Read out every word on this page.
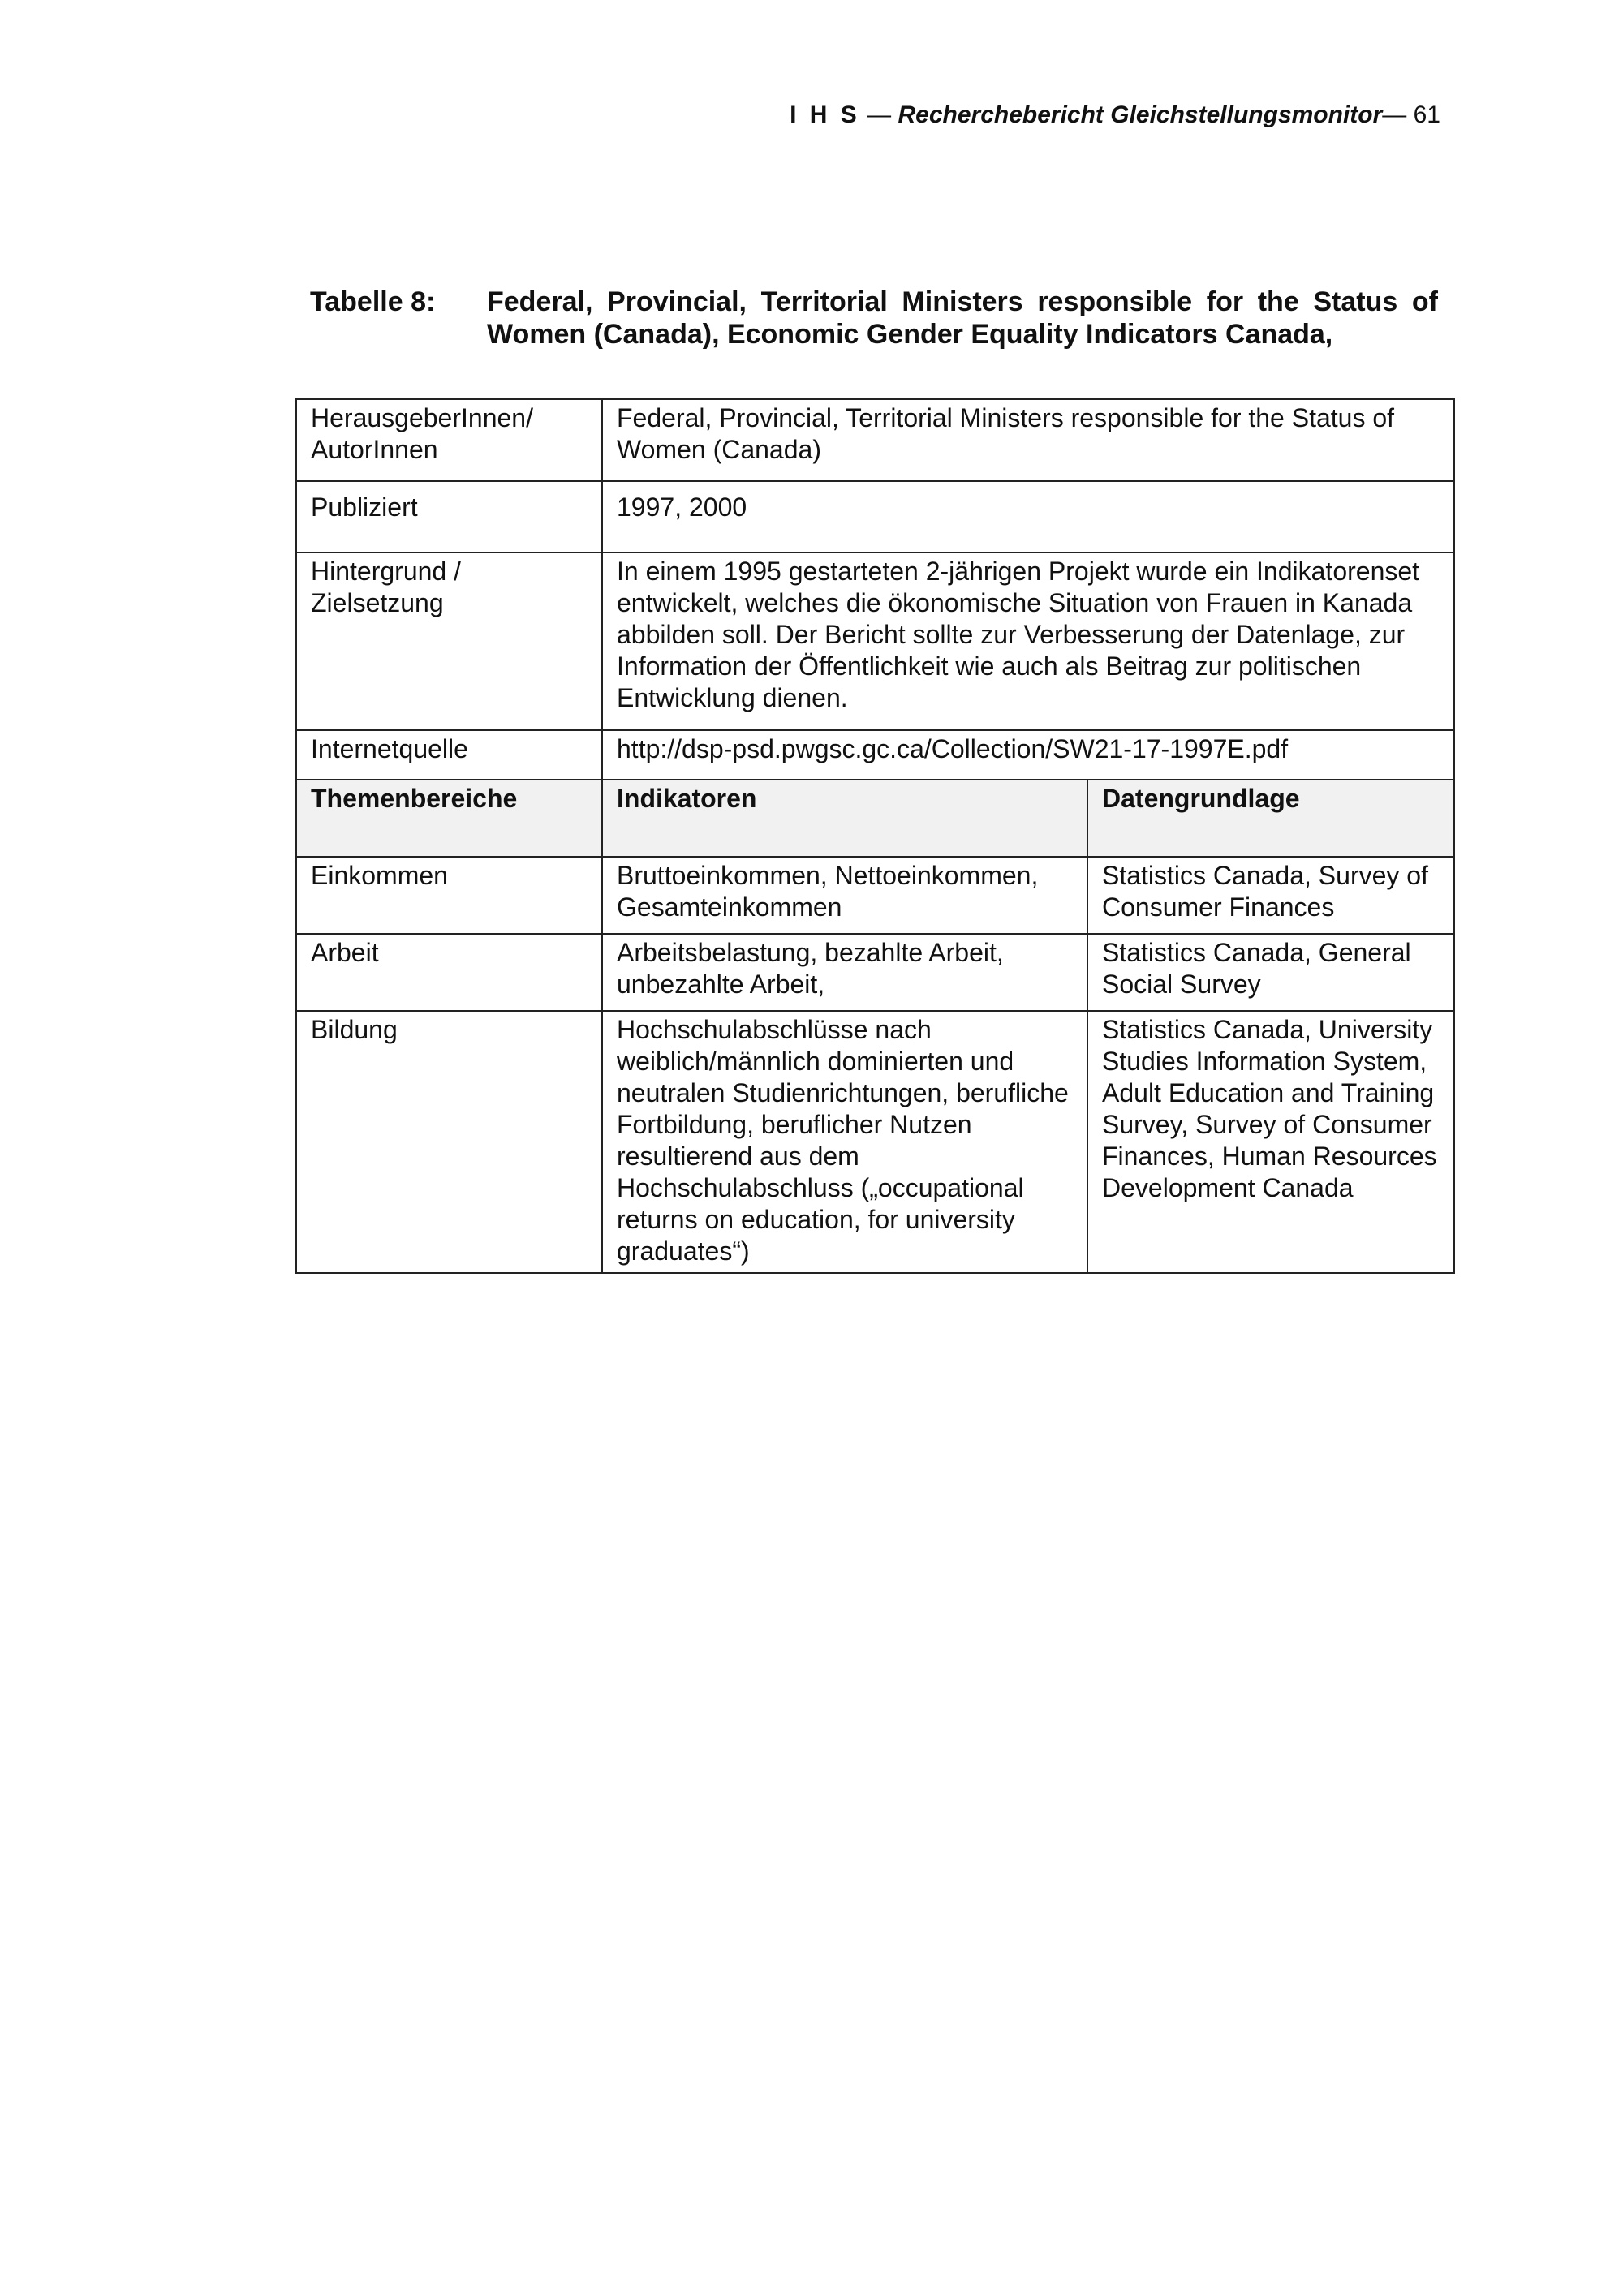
I H S — Recherchebericht Gleichstellungsmonitor— 61
Tabelle 8:	Federal, Provincial, Territorial Ministers responsible for the Status of Women (Canada), Economic Gender Equality Indicators Canada,
HerausgeberInnen/ AutorInnen	Federal, Provincial, Territorial Ministers responsible for the Status of Women (Canada)	
Publiziert	1997, 2000	
Hintergrund / Zielsetzung	In einem 1995 gestarteten 2-jährigen Projekt wurde ein Indikatorenset entwickelt, welches die ökonomische Situation von Frauen in Kanada abbilden soll. Der Bericht sollte zur Verbesserung der Datenlage, zur Information der Öffentlichkeit wie auch als Beitrag zur politischen Entwicklung dienen.	
Internetquelle	http://dsp-psd.pwgsc.gc.ca/Collection/SW21-17-1997E.pdf	
Themenbereiche	Indikatoren	Datengrundlage
Einkommen	Bruttoeinkommen, Nettoeinkommen, Gesamteinkommen	Statistics Canada, Survey of Consumer Finances
Arbeit	Arbeitsbelastung, bezahlte Arbeit, unbezahlte Arbeit,	Statistics Canada, General Social Survey
Bildung	Hochschulabschlüsse nach weiblich/männlich dominierten und neutralen Studienrichtungen, berufliche Fortbildung, beruflicher Nutzen resultierend aus dem Hochschulabschluss („occupational returns on education, for university graduates“)	Statistics Canada, University Studies Information System, Adult Education and Training Survey, Survey of Consumer Finances, Human Resources Development Canada
